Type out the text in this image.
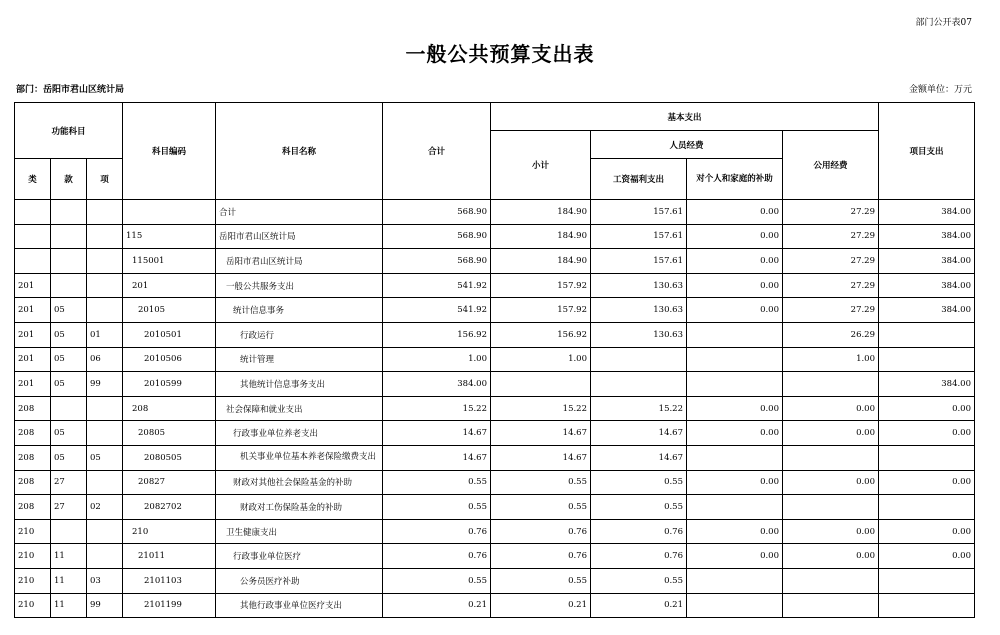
部门公开表07
一般公共预算支出表
部门：岳阳市君山区统计局	金额单位：万元
功能科目			科目编码	科目名称	合计	基本支出				项目支出
						小计	人员经费		公用经费	
类	款	项					工资福利支出	对个人和家庭的补助		
				合计	568.90	184.90	157.61	0.00	27.29	384.00
			115	岳阳市君山区统计局	568.90	184.90	157.61	0.00	27.29	384.00
			115001	岳阳市君山区统计局	568.90	184.90	157.61	0.00	27.29	384.00
201			201	一般公共服务支出	541.92	157.92	130.63	0.00	27.29	384.00
201	05		20105	统计信息事务	541.92	157.92	130.63	0.00	27.29	384.00
201	05	01	2010501	行政运行	156.92	156.92	130.63		26.29	
201	05	06	2010506	统计管理	1.00	1.00			1.00	
201	05	99	2010599	其他统计信息事务支出	384.00					384.00
208			208	社会保障和就业支出	15.22	15.22	15.22	0.00	0.00	0.00
208	05		20805	行政事业单位养老支出	14.67	14.67	14.67	0.00	0.00	0.00
208	05	05	2080505	机关事业单位基本养老保险缴费支出	14.67	14.67	14.67			
208	27		20827	财政对其他社会保险基金的补助	0.55	0.55	0.55	0.00	0.00	0.00
208	27	02	2082702	财政对工伤保险基金的补助	0.55	0.55	0.55			
210			210	卫生健康支出	0.76	0.76	0.76	0.00	0.00	0.00
210	11		21011	行政事业单位医疗	0.76	0.76	0.76	0.00	0.00	0.00
210	11	03	2101103	公务员医疗补助	0.55	0.55	0.55			
210	11	99	2101199	其他行政事业单位医疗支出	0.21	0.21	0.21			
